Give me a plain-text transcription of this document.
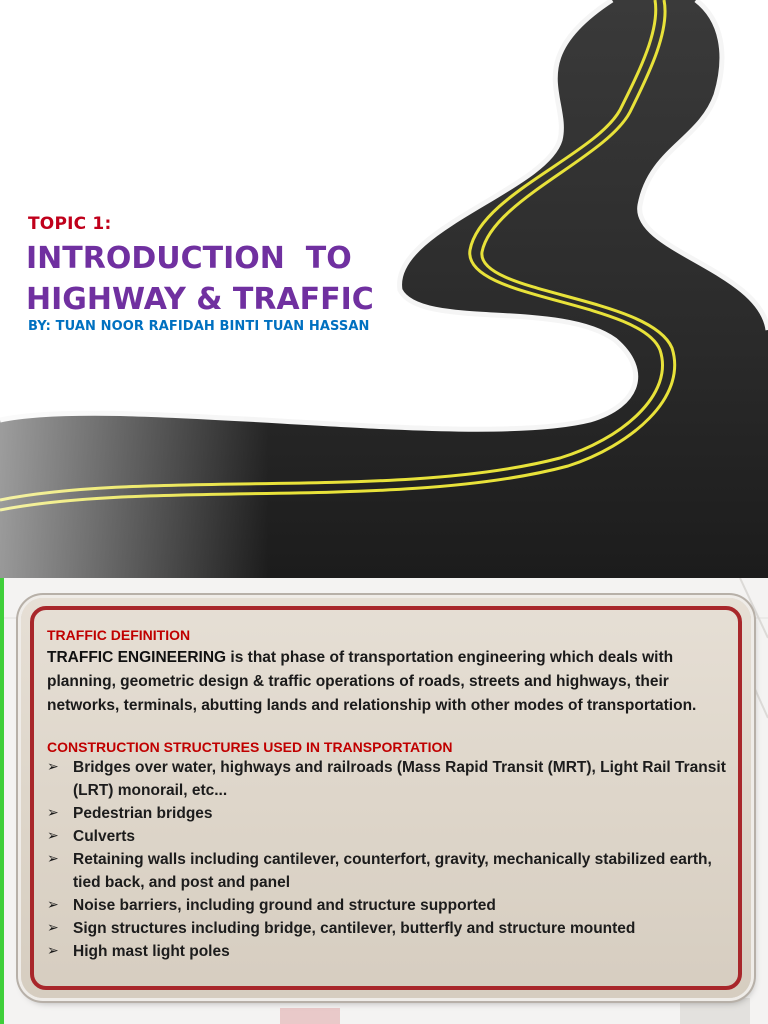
TOPIC 1:
INTRODUCTION  TO
HIGHWAY & TRAFFIC
BY: TUAN NOOR RAFIDAH BINTI TUAN HASSAN

TRAFFIC DEFINITION

TRAFFIC ENGINEERING is that phase of transportation engineering which deals with planning, geometric design & traffic operations of roads, streets and highways, their networks, terminals, abutting lands and relationship with other modes of transportation.

CONSTRUCTION STRUCTURES USED IN TRANSPORTATION

➢ Bridges over water, highways and railroads (Mass Rapid Transit (MRT), Light Rail Transit (LRT) monorail, etc...
➢ Pedestrian bridges
➢ Culverts
➢ Retaining walls including cantilever, counterfort, gravity, mechanically stabilized earth, tied back, and post and panel
➢ Noise barriers, including ground and structure supported
➢ Sign structures including bridge, cantilever, butterfly and structure mounted
➢ High mast light poles
